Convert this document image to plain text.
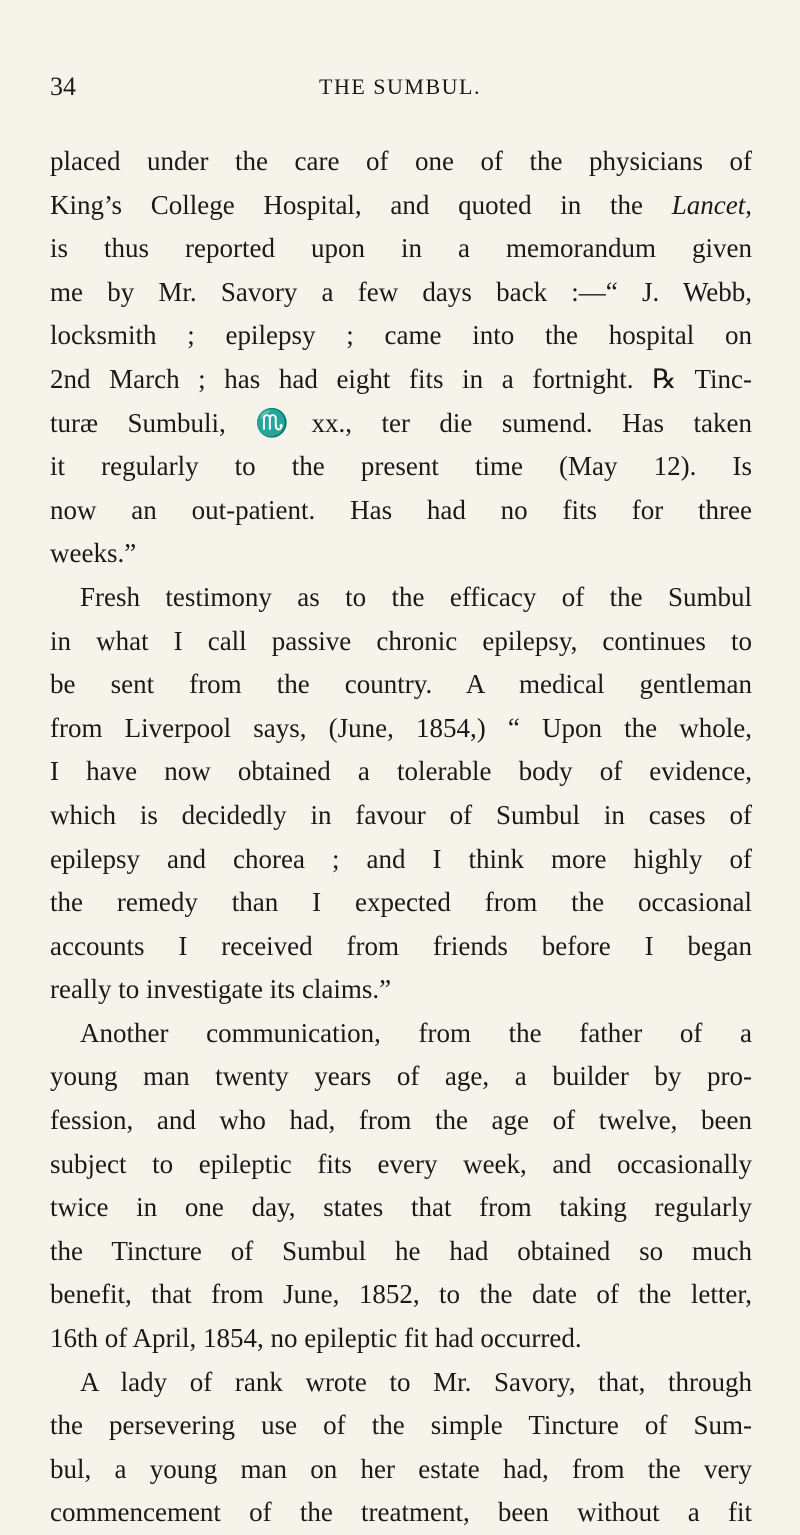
34	THE SUMBUL.
placed under the care of one of the physicians of
King’s College Hospital, and quoted in the Lancet,
is thus reported upon in a memorandum given
me by Mr. Savory a few days back :—“ J. Webb,
locksmith ; epilepsy ; came into the hospital on
2nd March ; has had eight fits in a fortnight. ℞ Tinc-
turæ Sumbuli, ♏xx., ter die sumend. Has taken
it regularly to the present time (May 12). Is
now an out-patient. Has had no fits for three
weeks.”
Fresh testimony as to the efficacy of the Sumbul
in what I call passive chronic epilepsy, continues to
be sent from the country. A medical gentleman
from Liverpool says, (June, 1854,) “ Upon the whole,
I have now obtained a tolerable body of evidence,
which is decidedly in favour of Sumbul in cases of
epilepsy and chorea ; and I think more highly of
the remedy than I expected from the occasional
accounts I received from friends before I began
really to investigate its claims.”
Another communication, from the father of a
young man twenty years of age, a builder by pro-
fession, and who had, from the age of twelve, been
subject to epileptic fits every week, and occasionally
twice in one day, states that from taking regularly
the Tincture of Sumbul he had obtained so much
benefit, that from June, 1852, to the date of the letter,
16th of April, 1854, no epileptic fit had occurred.
A lady of rank wrote to Mr. Savory, that, through
the persevering use of the simple Tincture of Sum-
bul, a young man on her estate had, from the very
commencement of the treatment, been without a fit
